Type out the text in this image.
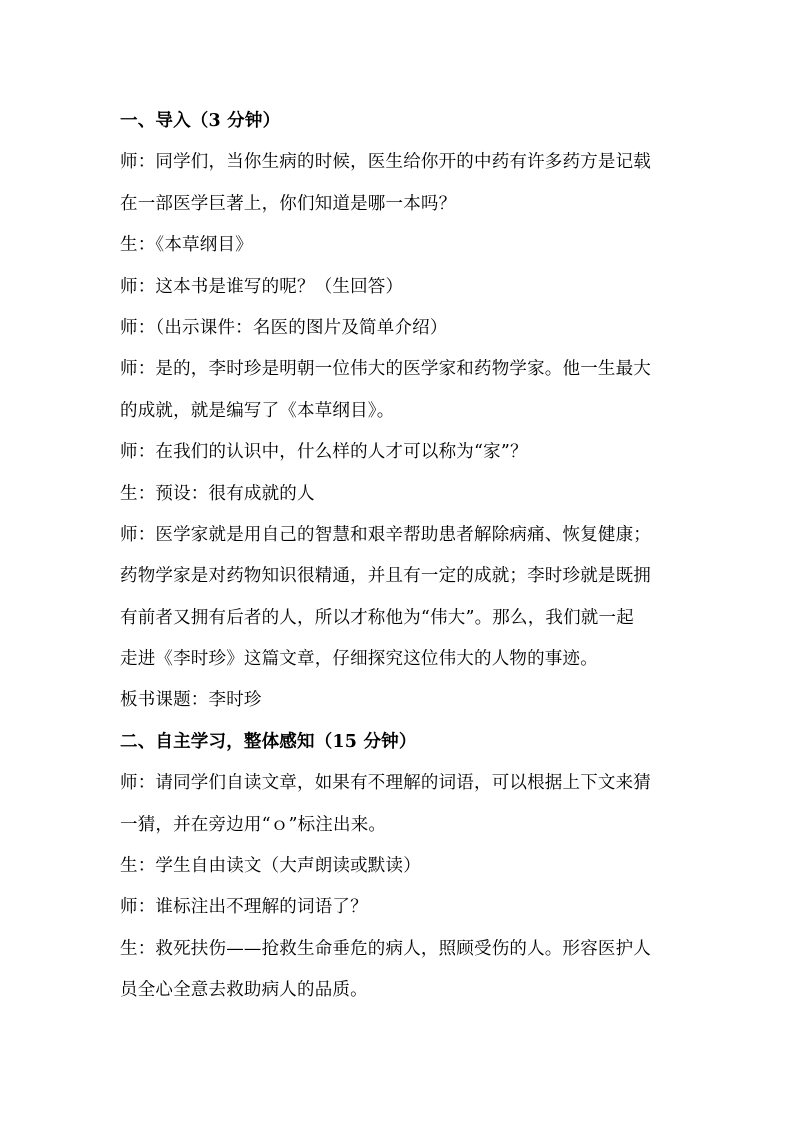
一、导入（3 分钟）
师：同学们，当你生病的时候，医生给你开的中药有许多药方是记载
在一部医学巨著上，你们知道是哪一本吗？
生：《本草纲目》
师：这本书是谁写的呢？（生回答）
师：（出示课件：名医的图片及简单介绍）
师：是的，李时珍是明朝一位伟大的医学家和药物学家。他一生最大
的成就，就是编写了《本草纲目》。
师：在我们的认识中，什么样的人才可以称为“家”？
生：预设：很有成就的人
师：医学家就是用自己的智慧和艰辛帮助患者解除病痛、恢复健康；
药物学家是对药物知识很精通，并且有一定的成就；李时珍就是既拥
有前者又拥有后者的人，所以才称他为“伟大”。那么，我们就一起
走进《李时珍》这篇文章，仔细探究这位伟大的人物的事迹。
板书课题：李时珍
二、自主学习，整体感知（15 分钟）
师：请同学们自读文章，如果有不理解的词语，可以根据上下文来猜
一猜，并在旁边用“ｏ”标注出来。
生：学生自由读文（大声朗读或默读）
师：谁标注出不理解的词语了？
生：救死扶伤——抢救生命垂危的病人，照顾受伤的人。形容医护人
员全心全意去救助病人的品质。
